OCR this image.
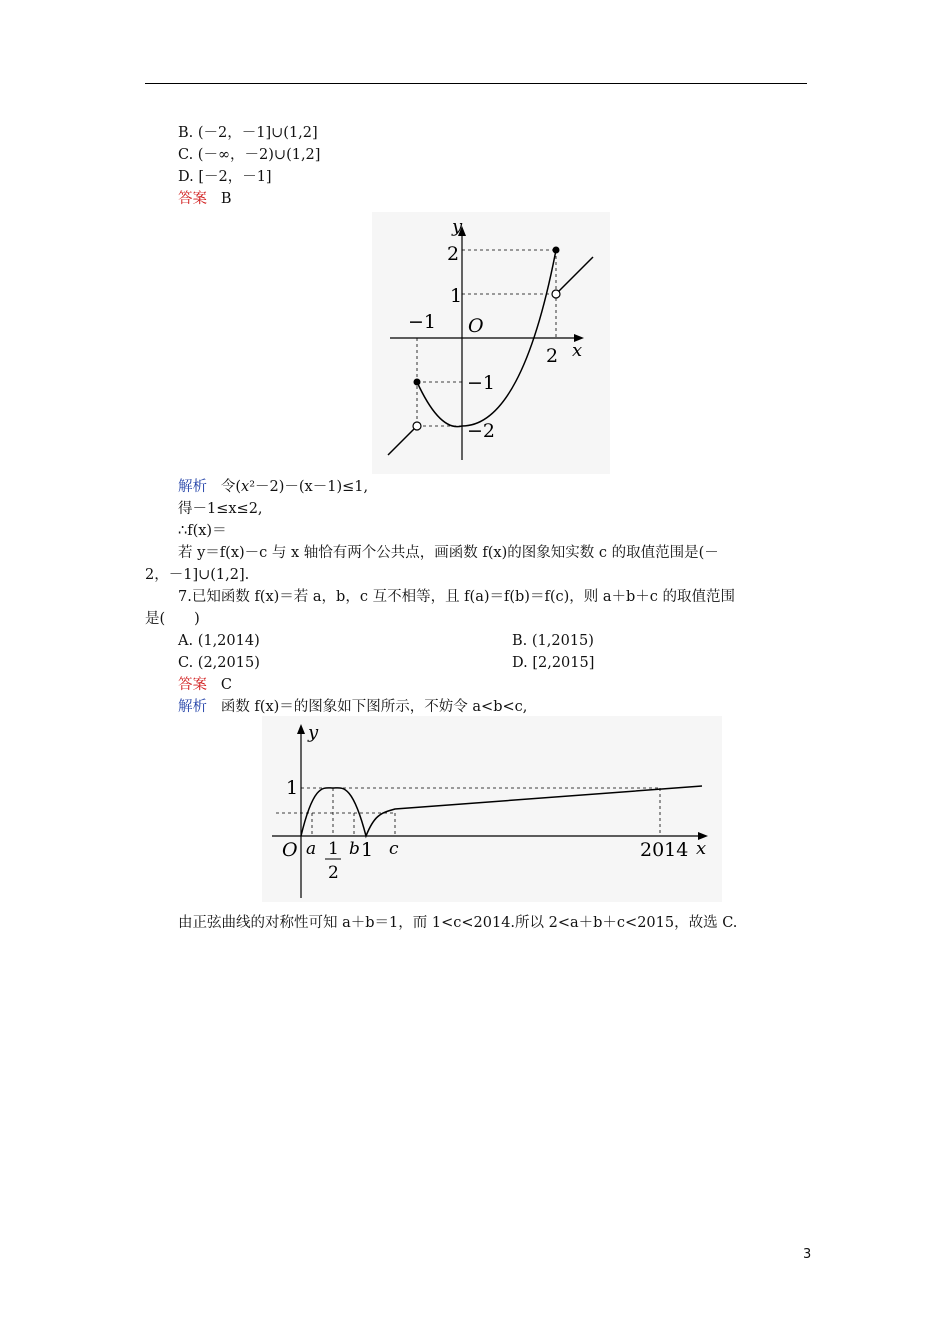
B. (－2，－1]∪(1,2]
C. (－∞，－2)∪(1,2]
D. [－2，－1]
答案 B
y
x
O
2
1
−1
2
−1
−2
解析 令(x²－2)－(x－1)≤1,
得－1≤x≤2,
∴f(x)＝
若 y＝f(x)－c 与 x 轴恰有两个公共点，画函数 f(x)的图象知实数 c 的取值范围是(－
2，－1]∪(1,2].
7.已知函数 f(x)＝若 a，b，c 互不相等，且 f(a)＝f(b)＝f(c)，则 a＋b＋c 的取值范围
是(　　)
A. (1,2014)	B. (1,2015)
C. (2,2015)	D. [2,2015]
答案 C
解析 函数 f(x)＝的图象如下图所示，不妨令 a<b<c,
y
x
O
1
a 1
2
b 1 c	2014
由正弦曲线的对称性可知 a＋b＝1，而 1<c<2014.所以 2<a＋b＋c<2015，故选 C.
3
